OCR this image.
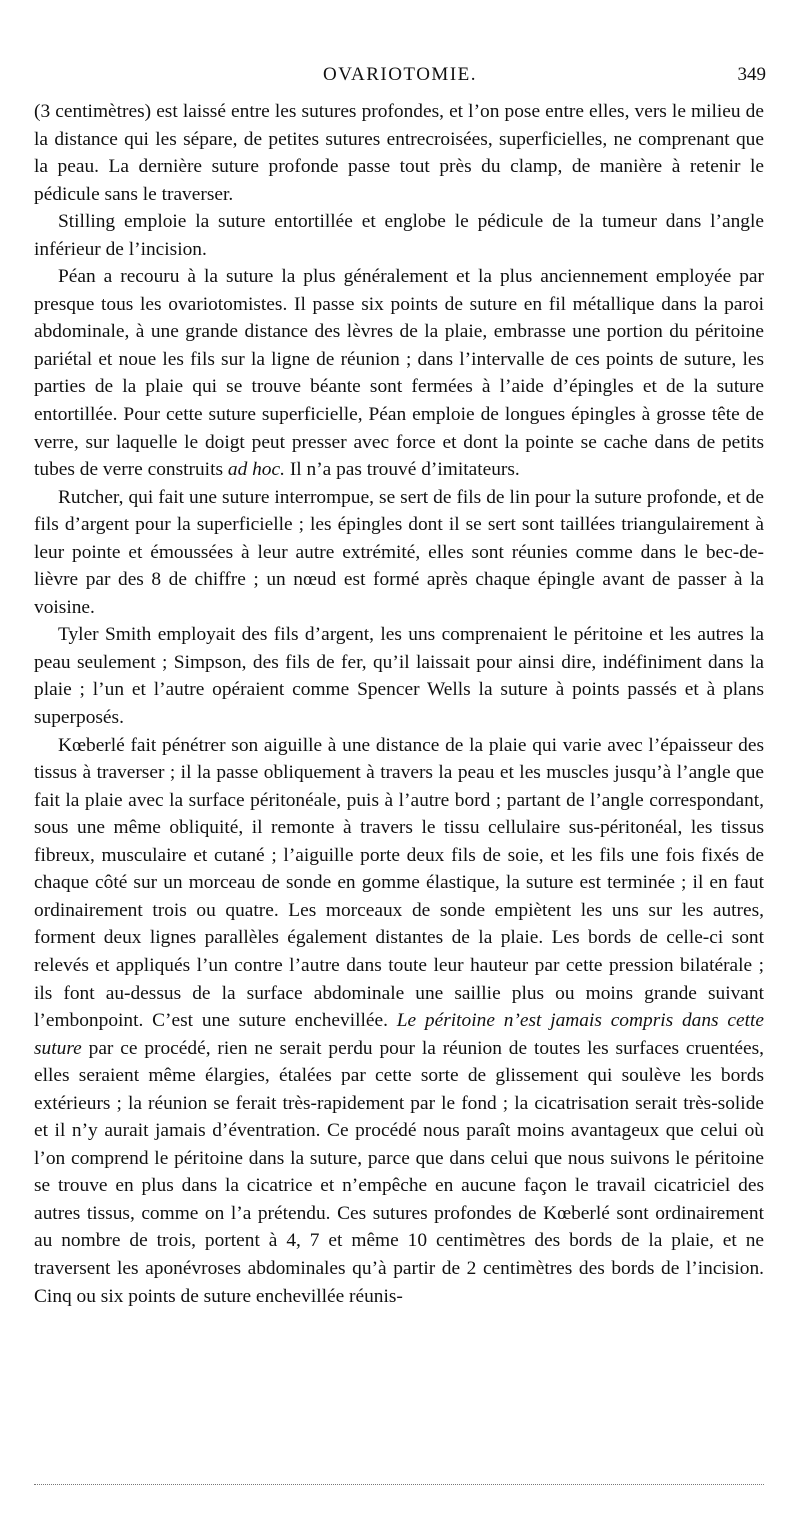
OVARIOTOMIE.	349

(3 centimètres) est laissé entre les sutures profondes, et l’on pose entre elles, vers le milieu de la distance qui les sépare, de petites sutures entrecroisées, superficielles, ne comprenant que la peau. La dernière suture profonde passe tout près du clamp, de manière à retenir le pédicule sans le traverser.

Stilling emploie la suture entortillée et englobe le pédicule de la tumeur dans l’angle inférieur de l’incision.

Péan a recouru à la suture la plus généralement et la plus anciennement employée par presque tous les ovariotomistes. Il passe six points de suture en fil métallique dans la paroi abdominale, à une grande distance des lèvres de la plaie, embrasse une portion du péritoine pariétal et noue les fils sur la ligne de réunion ; dans l’intervalle de ces points de suture, les parties de la plaie qui se trouve béante sont fermées à l’aide d’épingles et de la suture entortillée. Pour cette suture superficielle, Péan emploie de longues épingles à grosse tête de verre, sur laquelle le doigt peut presser avec force et dont la pointe se cache dans de petits tubes de verre construits ad hoc. Il n’a pas trouvé d’imitateurs.

Rutcher, qui fait une suture interrompue, se sert de fils de lin pour la suture profonde, et de fils d’argent pour la superficielle ; les épingles dont il se sert sont taillées triangulairement à leur pointe et émoussées à leur autre extrémité, elles sont réunies comme dans le bec-de-lièvre par des 8 de chiffre ; un nœud est formé après chaque épingle avant de passer à la voisine.

Tyler Smith employait des fils d’argent, les uns comprenaient le péritoine et les autres la peau seulement ; Simpson, des fils de fer, qu’il laissait pour ainsi dire, indéfiniment dans la plaie ; l’un et l’autre opéraient comme Spencer Wells la suture à points passés et à plans superposés.

Kœberlé fait pénétrer son aiguille à une distance de la plaie qui varie avec l’épaisseur des tissus à traverser ; il la passe obliquement à travers la peau et les muscles jusqu’à l’angle que fait la plaie avec la surface péritonéale, puis à l’autre bord ; partant de l’angle correspondant, sous une même obliquité, il remonte à travers le tissu cellulaire sus-péritonéal, les tissus fibreux, musculaire et cutané ; l’aiguille porte deux fils de soie, et les fils une fois fixés de chaque côté sur un morceau de sonde en gomme élastique, la suture est terminée ; il en faut ordinairement trois ou quatre. Les morceaux de sonde empiètent les uns sur les autres, forment deux lignes parallèles également distantes de la plaie. Les bords de celle-ci sont relevés et appliqués l’un contre l’autre dans toute leur hauteur par cette pression bilatérale ; ils font au-dessus de la surface abdominale une saillie plus ou moins grande suivant l’embonpoint. C’est une suture enchevillée. Le péritoine n’est jamais compris dans cette suture par ce procédé, rien ne serait perdu pour la réunion de toutes les surfaces cruentées, elles seraient même élargies, étalées par cette sorte de glissement qui soulève les bords extérieurs ; la réunion se ferait très-rapidement par le fond ; la cicatrisation serait très-solide et il n’y aurait jamais d’éventration. Ce procédé nous paraît moins avantageux que celui où l’on comprend le péritoine dans la suture, parce que dans celui que nous suivons le péritoine se trouve en plus dans la cicatrice et n’empêche en aucune façon le travail cicatriciel des autres tissus, comme on l’a prétendu. Ces sutures profondes de Kœberlé sont ordinairement au nombre de trois, portent à 4, 7 et même 10 centimètres des bords de la plaie, et ne traversent les aponévroses abdominales qu’à partir de 2 centimètres des bords de l’incision. Cinq ou six points de suture enchevillée réunis-
